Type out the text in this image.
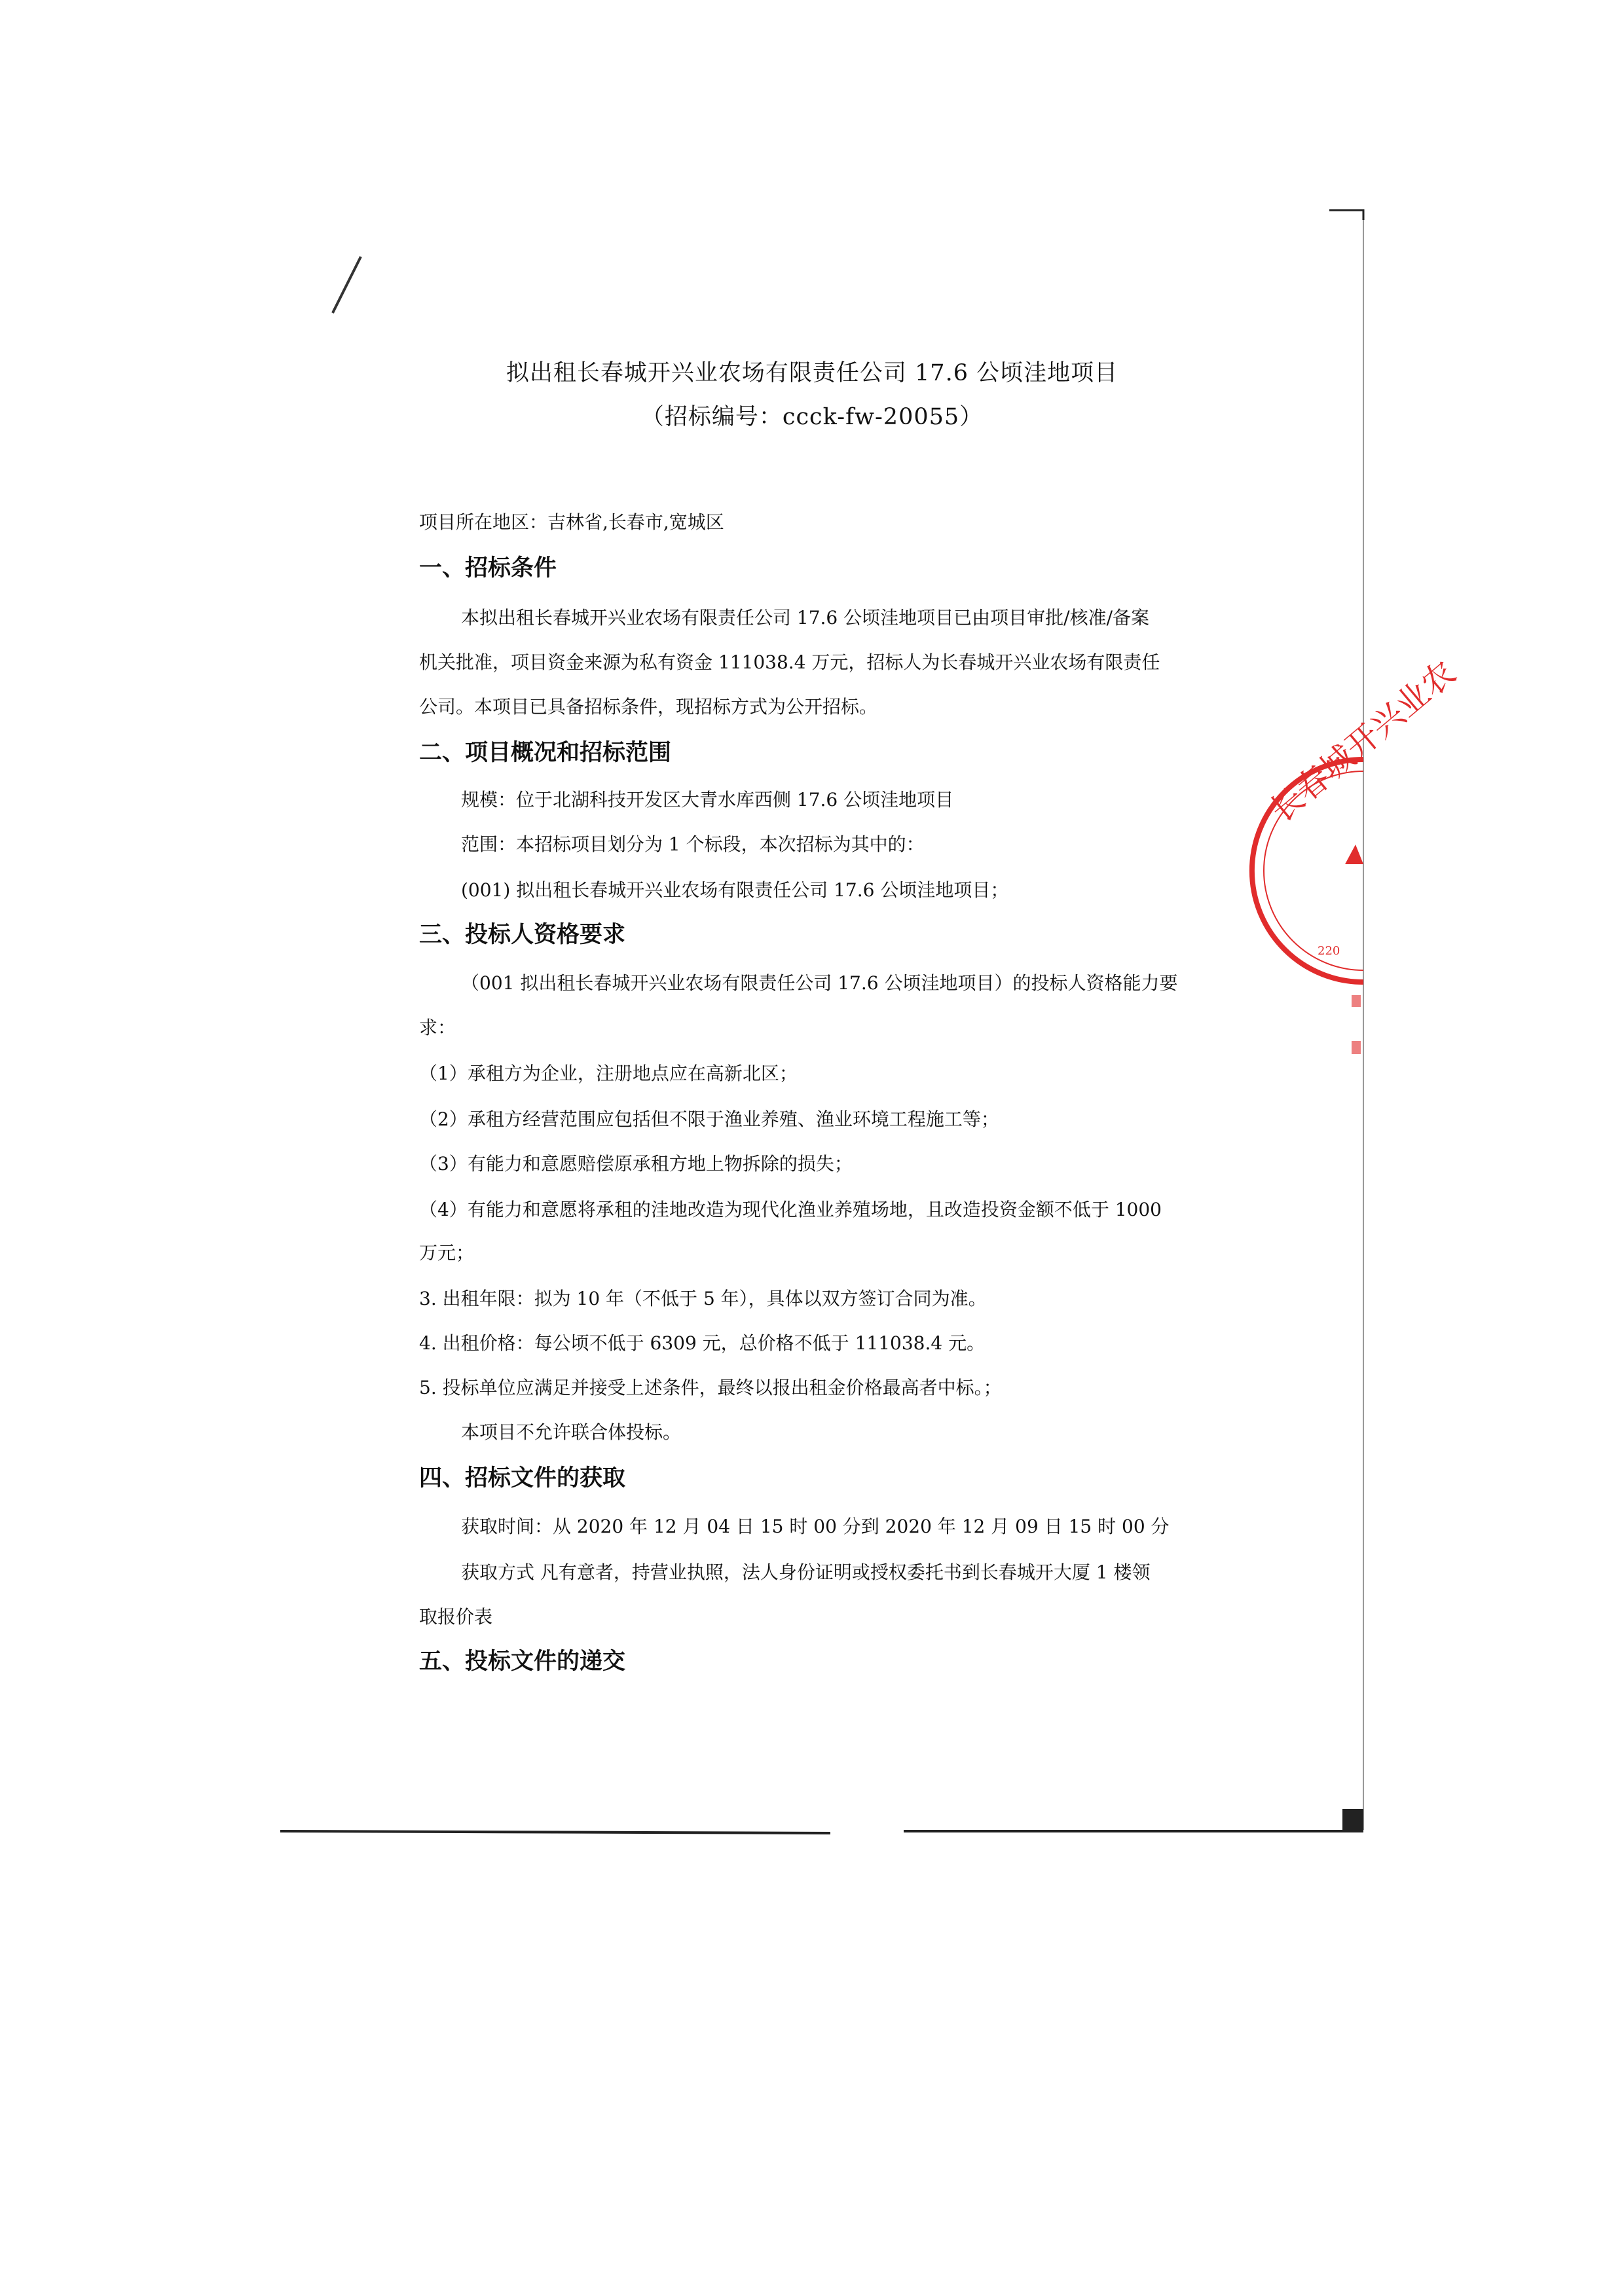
长春城开兴业农
220
拟出租长春城开兴业农场有限责任公司 17.6 公顷洼地项目
（招标编号：ccck-fw-20055）
项目所在地区：吉林省,长春市,宽城区
一、招标条件
本拟出租长春城开兴业农场有限责任公司 17.6 公顷洼地项目已由项目审批/核准/备案
机关批准，项目资金来源为私有资金 111038.4 万元，招标人为长春城开兴业农场有限责任
公司。本项目已具备招标条件，现招标方式为公开招标。
二、项目概况和招标范围
规模：位于北湖科技开发区大青水库西侧 17.6 公顷洼地项目
范围：本招标项目划分为 1 个标段，本次招标为其中的：
(001) 拟出租长春城开兴业农场有限责任公司 17.6 公顷洼地项目；
三、投标人资格要求
（001 拟出租长春城开兴业农场有限责任公司 17.6 公顷洼地项目）的投标人资格能力要
求：
（1）承租方为企业，注册地点应在高新北区；
（2）承租方经营范围应包括但不限于渔业养殖、渔业环境工程施工等；
（3）有能力和意愿赔偿原承租方地上物拆除的损失；
（4）有能力和意愿将承租的洼地改造为现代化渔业养殖场地，且改造投资金额不低于 1000
万元；
3. 出租年限：拟为 10 年（不低于 5 年），具体以双方签订合同为准。
4. 出租价格：每公顷不低于 6309 元，总价格不低于 111038.4 元。
5. 投标单位应满足并接受上述条件，最终以报出租金价格最高者中标。；
本项目不允许联合体投标。
四、招标文件的获取
获取时间：从 2020 年 12 月 04 日 15 时 00 分到 2020 年 12 月 09 日 15 时 00 分
获取方式 凡有意者，持营业执照，法人身份证明或授权委托书到长春城开大厦 1 楼领
取报价表
五、投标文件的递交
